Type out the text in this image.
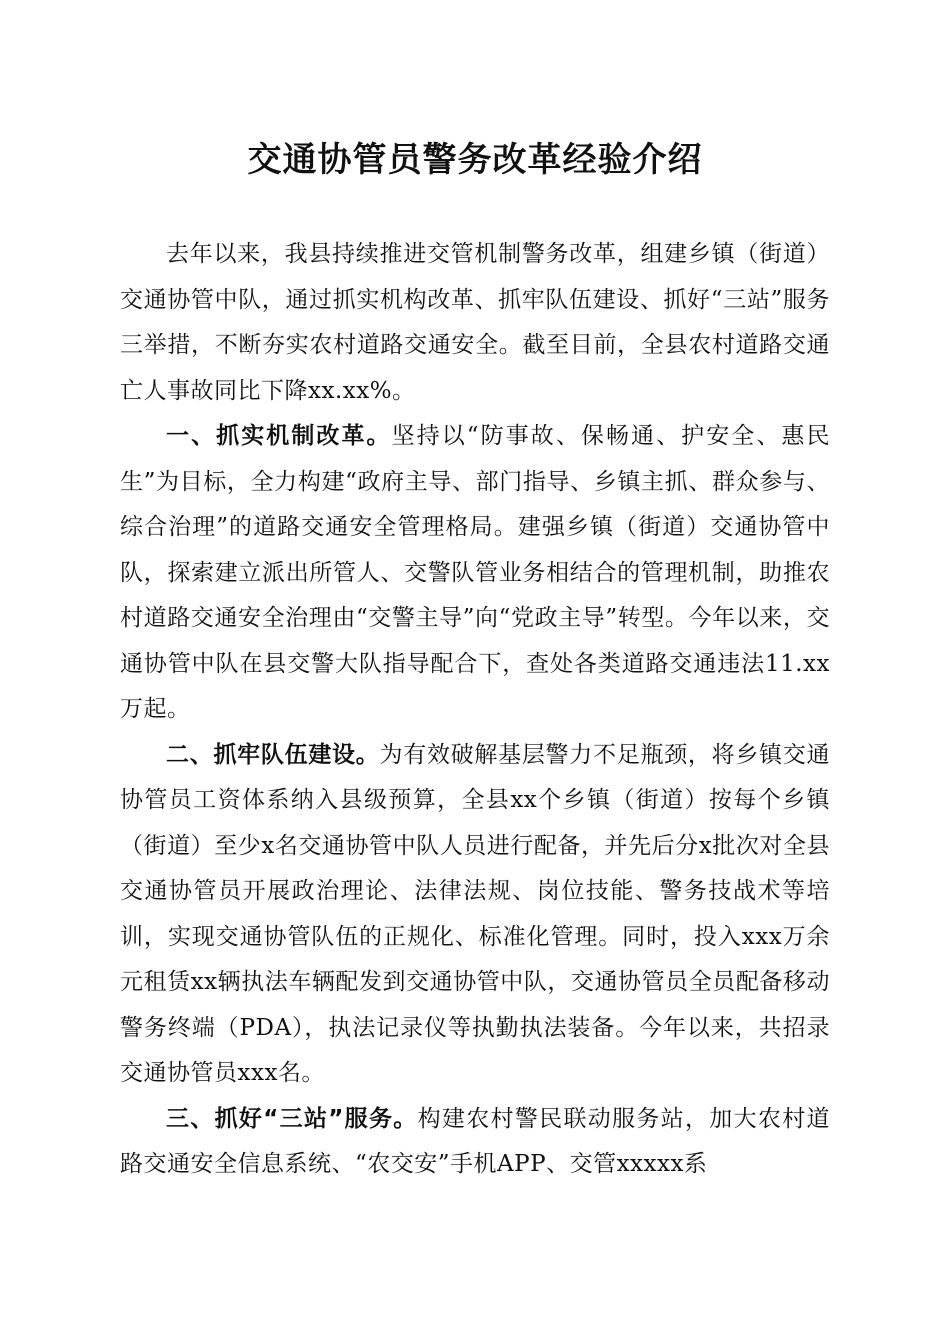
交通协管员警务改革经验介绍

去年以来，我县持续推进交管机制警务改革，组建乡镇（街道）交通协管中队，通过抓实机构改革、抓牢队伍建设、抓好“三站”服务三举措，不断夯实农村道路交通安全。截至目前，全县农村道路交通亡人事故同比下降xx.xx%。

一、抓实机制改革。坚持以“防事故、保畅通、护安全、惠民生”为目标，全力构建“政府主导、部门指导、乡镇主抓、群众参与、综合治理”的道路交通安全管理格局。建强乡镇（街道）交通协管中队，探索建立派出所管人、交警队管业务相结合的管理机制，助推农村道路交通安全治理由“交警主导”向“党政主导”转型。今年以来，交通协管中队在县交警大队指导配合下，查处各类道路交通违法11.xx万起。

二、抓牢队伍建设。为有效破解基层警力不足瓶颈，将乡镇交通协管员工资体系纳入县级预算，全县xx个乡镇（街道）按每个乡镇（街道）至少x名交通协管中队人员进行配备，并先后分x批次对全县交通协管员开展政治理论、法律法规、岗位技能、警务技战术等培训，实现交通协管队伍的正规化、标准化管理。同时，投入xxx万余元租赁xx辆执法车辆配发到交通协管中队，交通协管员全员配备移动警务终端（PDA），执法记录仪等执勤执法装备。今年以来，共招录交通协管员xxx名。

三、抓好“三站”服务。构建农村警民联动服务站，加大农村道路交通安全信息系统、“农交安”手机APP、交管xxxxx系
